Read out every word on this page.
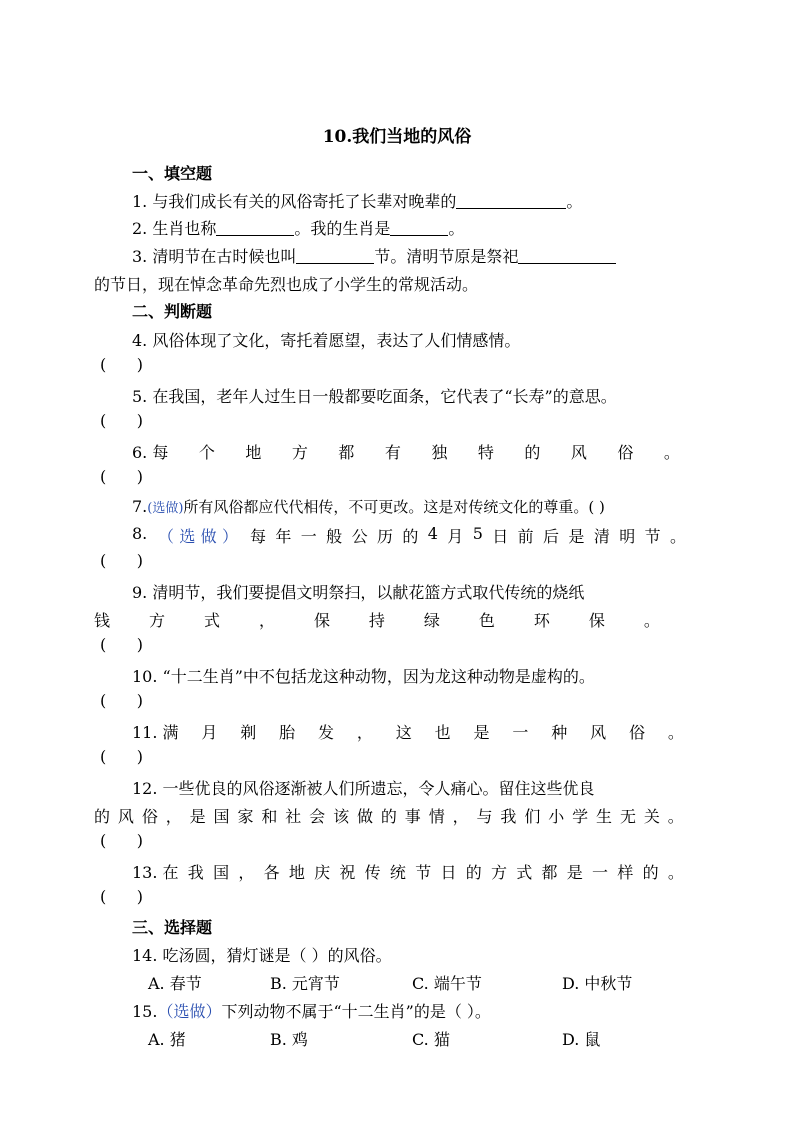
10.我们当地的风俗
一、填空题
1. 与我们成长有关的风俗寄托了长辈对晚辈的	。
2. 生肖也称	。我的生肖是	。
3. 清明节在古时候也叫	节。清明节原是祭祀
的节日，现在悼念革命先烈也成了小学生的常规活动。
二、判断题
4. 风俗体现了文化，寄托着愿望，表达了人们情感情。
(      )
5. 在我国，老年人过生日一般都要吃面条，它代表了“长寿”的意思。
(      )
6. 每 个 地 方 都 有 独 特 的 风 俗 。
(      )
7.(选做)所有风俗都应代代相传，不可更改。这是对传统文化的尊重。( )
8. （ 选 做 ） 每 年 一 般 公 历 的 4 月 5 日 前 后 是 清 明 节 。
(      )
9. 清明节，我们要提倡文明祭扫，以献花篮方式取代传统的烧纸
钱 方 式 ， 保 持 绿 色 环 保 。
(      )
10. “十二生肖”中不包括龙这种动物，因为龙这种动物是虚构的。
(      )
11. 满 月 剃 胎 发 ， 这 也 是 一 种 风 俗 。
(      )
12. 一些优良的风俗逐渐被人们所遗忘，令人痛心。留住这些优良
的 风 俗 ， 是 国 家 和 社 会 该 做 的 事 情 ， 与 我 们 小 学 生 无 关 。
(      )
13. 在 我 国 ， 各 地 庆 祝 传 统 节 日 的 方 式 都 是 一 样 的 。
(      )
三、选择题
14. 吃汤圆，猜灯谜是（ ）的风俗。
A. 春节	B. 元宵节	C. 端午节	D. 中秋节
15.（选做）下列动物不属于“十二生肖”的是（ ）。
A. 猪	B. 鸡	C. 猫	D. 鼠
